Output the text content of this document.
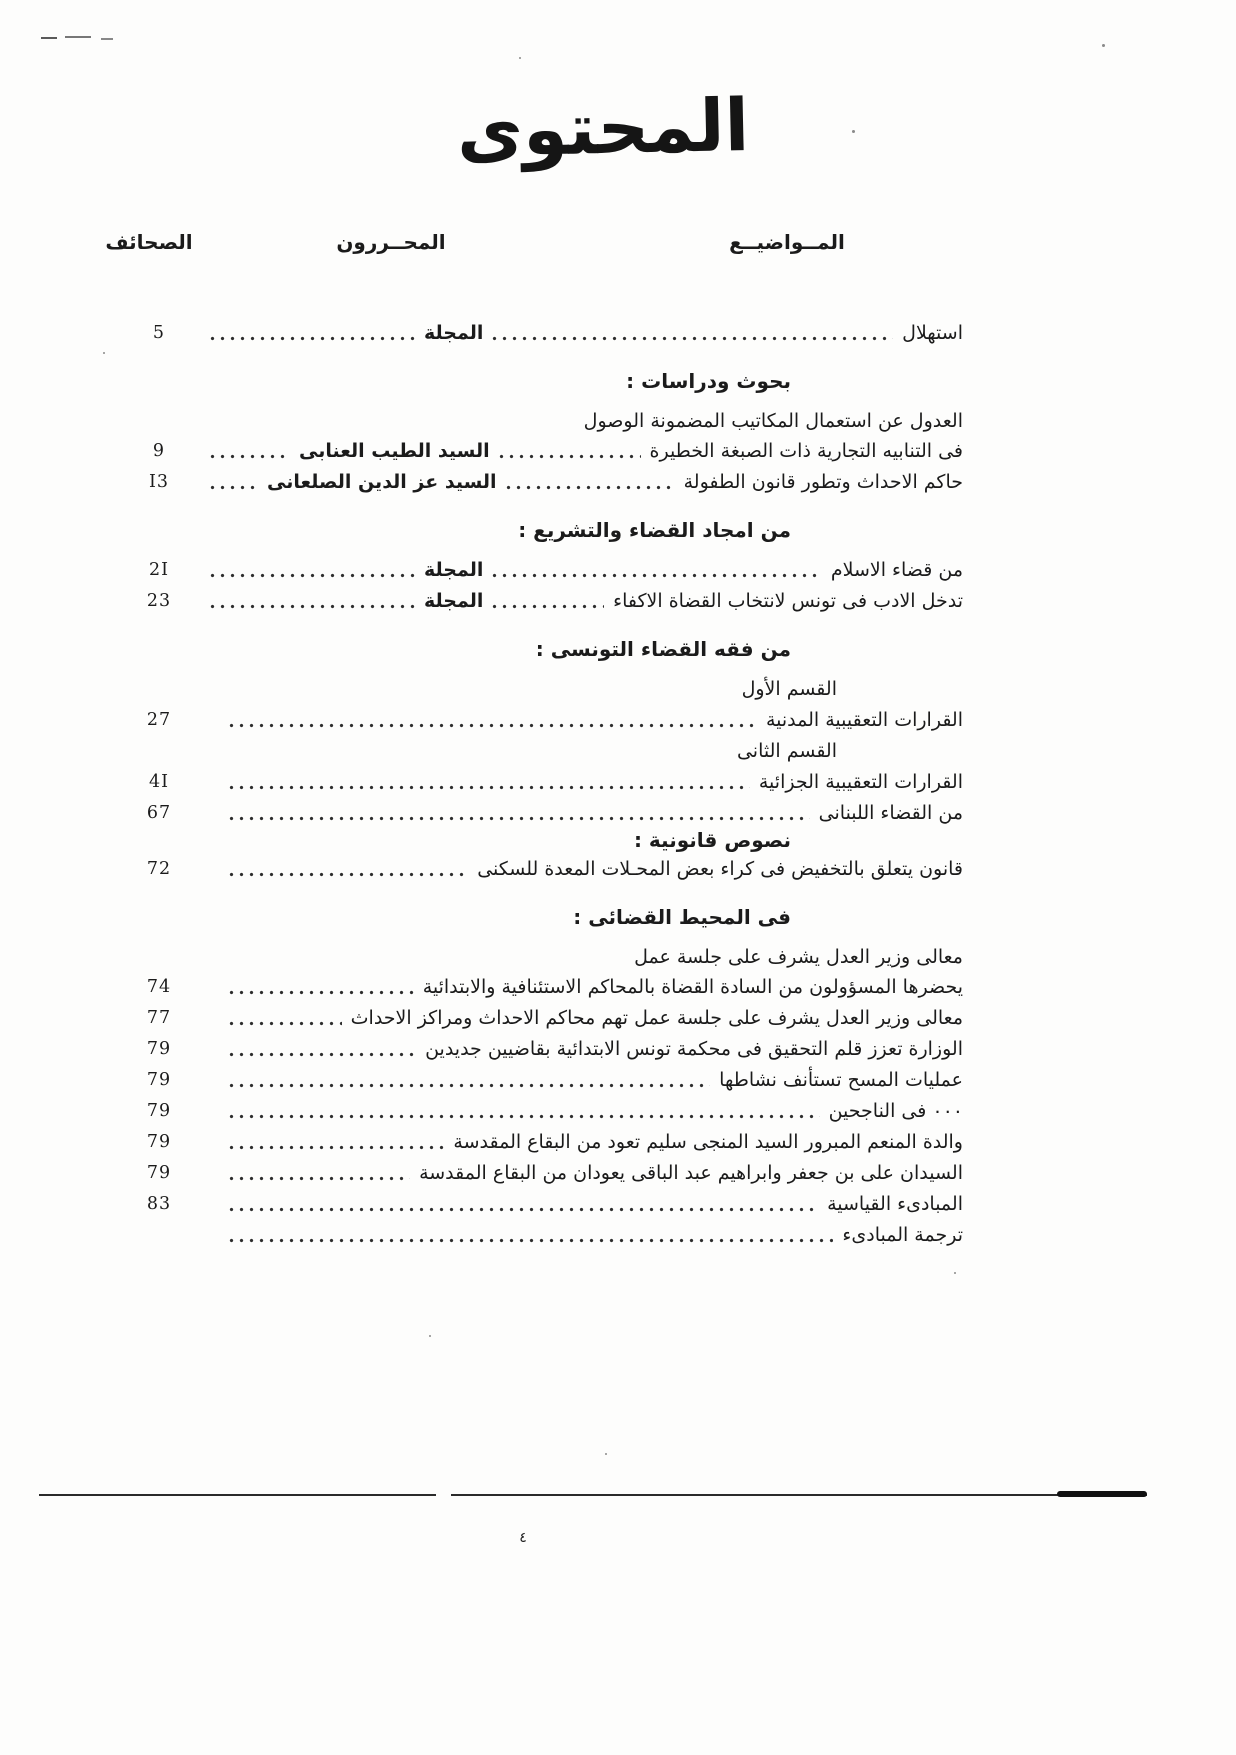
المحتوى
الصحائف	المحــررون	المــواضيــع
استهلال
المجلة
5
بحوث ودراسات :
العدول عن استعمال المكاتيب المضمونة الوصول
فى التنابيه التجارية ذات الصبغة الخطيرة
السيد الطيب العنابى
9
حاكم الاحداث وتطور قانون الطفولة
السيد عز الدين الصلعانى
I3
من امجاد القضاء والتشريع :
من قضاء الاسلام
المجلة
2I
تدخل الادب فى تونس لانتخاب القضاة الاكفاء
المجلة
23
من فقه القضاء التونسى :
القسم الأول
القرارات التعقيبية المدنية
27
القسم الثانى
القرارات التعقيبية الجزائية
4I
من القضاء اللبنانى
67
نصوص قانونية :
قانون يتعلق بالتخفيض فى كراء بعض المحـلات المعدة للسكنى
72
فى المحيط القضائى :
معالى وزير العدل يشرف على جلسة عمل
يحضرها المسؤولون من السادة القضاة بالمحاكم الاستئنافية والابتدائية
74
معالى وزير العدل يشرف على جلسة عمل تهم محاكم الاحداث ومراكز الاحداث
77
الوزارة تعزز قلم التحقيق فى محكمة تونس الابتدائية بقاضيين جديدين
79
عمليات المسح تستأنف نشاطها
79
٠٠٠ فى الناجحين
79
والدة المنعم المبرور السيد المنجى سليم تعود من البقاع المقدسة
79
السيدان على بن جعفر وابراهيم عبد الباقى يعودان من البقاع المقدسة
79
المبادىء القياسية
83
ترجمة المبادىء
٤
